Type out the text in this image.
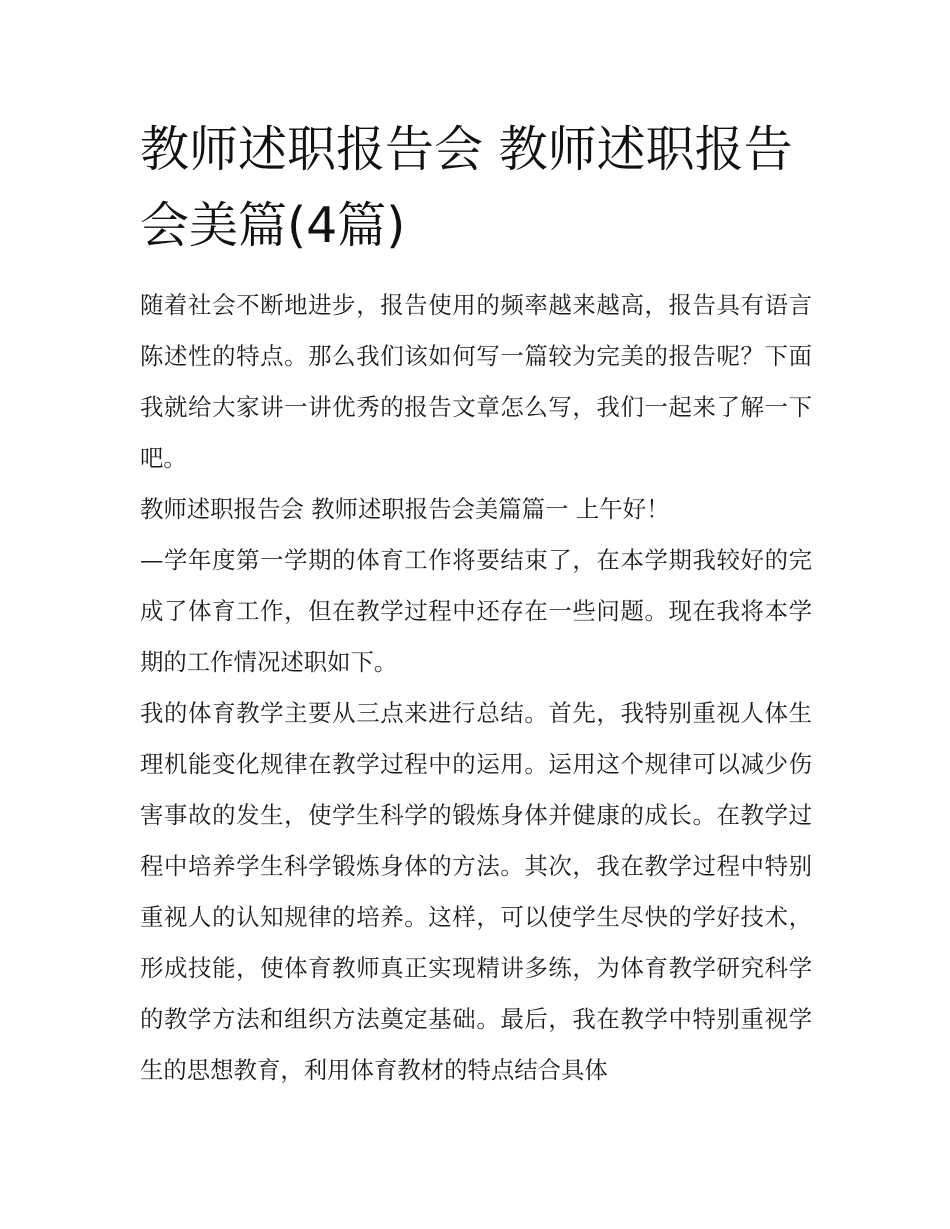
教师述职报告会 教师述职报告会美篇(4篇)

随着社会不断地进步，报告使用的频率越来越高，报告具有语言陈述性的特点。那么我们该如何写一篇较为完美的报告呢？下面我就给大家讲一讲优秀的报告文章怎么写，我们一起来了解一下吧。

教师述职报告会 教师述职报告会美篇篇一 上午好！

—学年度第一学期的体育工作将要结束了，在本学期我较好的完成了体育工作，但在教学过程中还存在一些问题。现在我将本学期的工作情况述职如下。

我的体育教学主要从三点来进行总结。首先，我特别重视人体生理机能变化规律在教学过程中的运用。运用这个规律可以减少伤害事故的发生，使学生科学的锻炼身体并健康的成长。在教学过程中培养学生科学锻炼身体的方法。其次，我在教学过程中特别重视人的认知规律的培养。这样，可以使学生尽快的学好技术，形成技能，使体育教师真正实现精讲多练，为体育教学研究科学的教学方法和组织方法奠定基础。最后，我在教学中特别重视学生的思想教育，利用体育教材的特点结合具体
